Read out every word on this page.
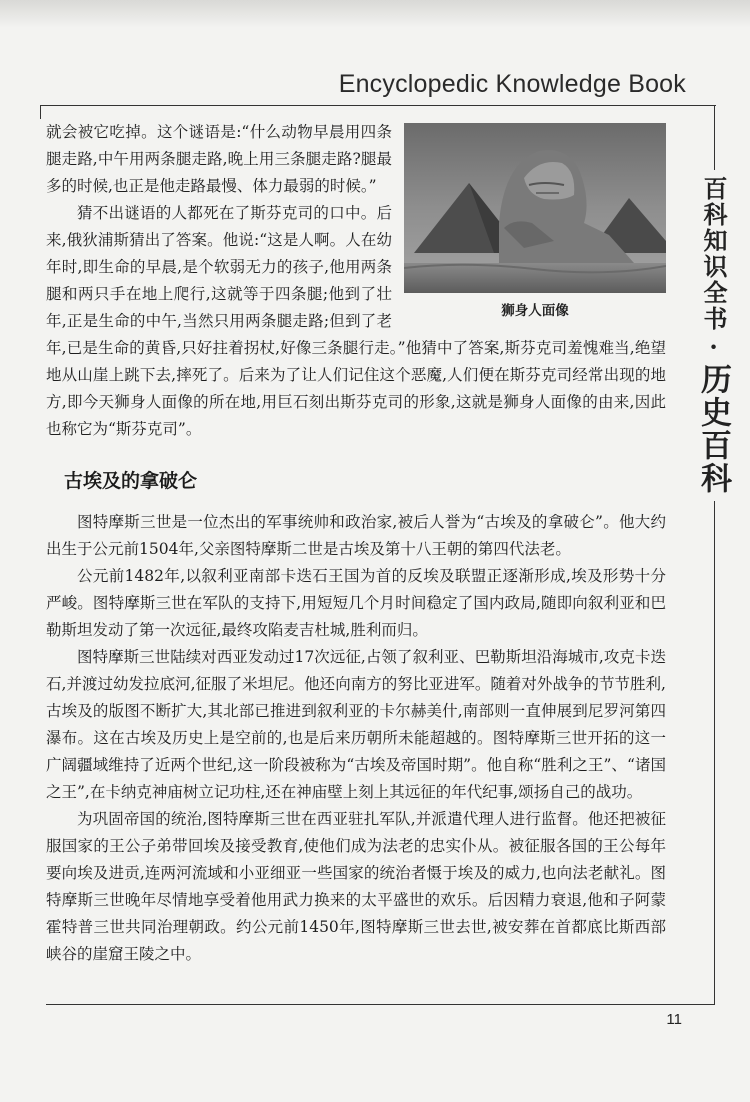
Encyclopedic Knowledge Book
百科知识全书·历史百科
狮身人面像

就会被它吃掉。这个谜语是:“什么动物早晨用四条腿走路,中午用两条腿走路,晚上用三条腿走路?腿最多的时候,也正是他走路最慢、体力最弱的时候。”

猜不出谜语的人都死在了斯芬克司的口中。后来,俄狄浦斯猜出了答案。他说:“这是人啊。人在幼年时,即生命的早晨,是个软弱无力的孩子,他用两条腿和两只手在地上爬行,这就等于四条腿;他到了壮年,正是生命的中午,当然只用两条腿走路;但到了老年,已是生命的黄昏,只好拄着拐杖,好像三条腿行走。”他猜中了答案,斯芬克司羞愧难当,绝望地从山崖上跳下去,摔死了。后来为了让人们记住这个恶魔,人们便在斯芬克司经常出现的地方,即今天狮身人面像的所在地,用巨石刻出斯芬克司的形象,这就是狮身人面像的由来,因此也称它为“斯芬克司”。

古埃及的拿破仑

图特摩斯三世是一位杰出的军事统帅和政治家,被后人誉为“古埃及的拿破仑”。他大约出生于公元前1504年,父亲图特摩斯二世是古埃及第十八王朝的第四代法老。

公元前1482年,以叙利亚南部卡迭石王国为首的反埃及联盟正逐渐形成,埃及形势十分严峻。图特摩斯三世在军队的支持下,用短短几个月时间稳定了国内政局,随即向叙利亚和巴勒斯坦发动了第一次远征,最终攻陷麦吉杜城,胜利而归。

图特摩斯三世陆续对西亚发动过17次远征,占领了叙利亚、巴勒斯坦沿海城市,攻克卡迭石,并渡过幼发拉底河,征服了米坦尼。他还向南方的努比亚进军。随着对外战争的节节胜利,古埃及的版图不断扩大,其北部已推进到叙利亚的卡尔赫美什,南部则一直伸展到尼罗河第四瀑布。这在古埃及历史上是空前的,也是后来历朝所未能超越的。图特摩斯三世开拓的这一广阔疆域维持了近两个世纪,这一阶段被称为“古埃及帝国时期”。他自称“胜利之王”、“诸国之王”,在卡纳克神庙树立记功柱,还在神庙壁上刻上其远征的年代纪事,颂扬自己的战功。

为巩固帝国的统治,图特摩斯三世在西亚驻扎军队,并派遣代理人进行监督。他还把被征服国家的王公子弟带回埃及接受教育,使他们成为法老的忠实仆从。被征服各国的王公每年要向埃及进贡,连两河流域和小亚细亚一些国家的统治者慑于埃及的威力,也向法老献礼。图特摩斯三世晚年尽情地享受着他用武力换来的太平盛世的欢乐。后因精力衰退,他和子阿蒙霍特普三世共同治理朝政。约公元前1450年,图特摩斯三世去世,被安葬在首都底比斯西部峡谷的崖窟王陵之中。

11
